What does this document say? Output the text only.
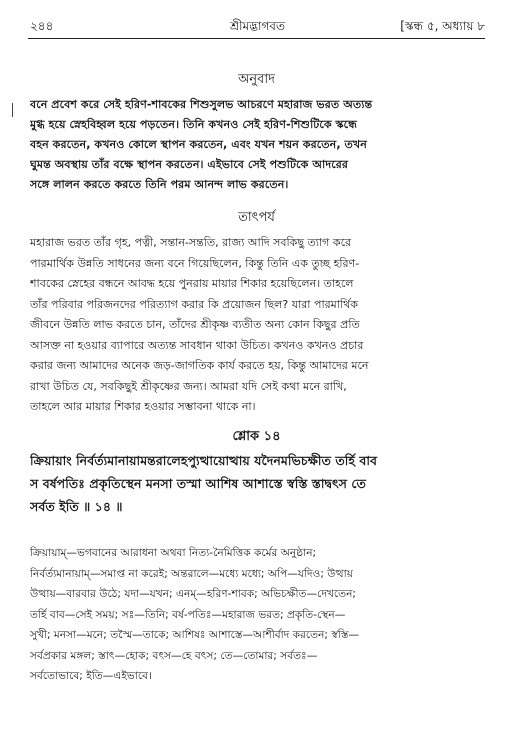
২৪৪	শ্রীমদ্ভাগবত	[স্কন্ধ ৫, অধ্যায় ৮
অনুবাদ
বনে প্রবেশ করে সেই হরিণ-শাবকের শিশুসুলভ আচরণে মহারাজ ভরত অত্যন্ত
মুগ্ধ হয়ে স্নেহবিহ্বল হয়ে পড়তেন। তিনি কখনও সেই হরিণ-শিশুটিকে স্কন্ধে
বহন করতেন, কখনও কোলে স্থাপন করতেন, এবং যখন শয়ন করতেন, তখন
ঘুমন্ত অবস্থায় তাঁর বক্ষে স্থাপন করতেন। এইভাবে সেই পশুটিকে আদরের
সঙ্গে লালন করতে করতে তিনি পরম আনন্দ লাভ করতেন।
তাৎপর্য
মহারাজ ভরত তাঁর গৃহ, পত্নী, সন্তান-সন্ততি, রাজ্য আদি সবকিছু ত্যাগ করে
পারমার্থিক উন্নতি সাধনের জন্য বনে গিয়েছিলেন, কিন্তু তিনি এক তুচ্ছ হরিণ-
শাবকের স্নেহের বন্ধনে আবদ্ধ হয়ে পুনরায় মায়ার শিকার হয়েছিলেন। তাহলে
তাঁর পরিবার পরিজনদের পরিত্যাগ করার কি প্রয়োজন ছিল? যারা পারমার্থিক
জীবনে উন্নতি লাভ করতে চান, তাঁদের শ্রীকৃষ্ণ ব্যতীত অন্য কোন কিছুর প্রতি
আসক্ত না হওয়ার ব্যাপারে অত্যন্ত সাবধান থাকা উচিত। কখনও কখনও প্রচার
করার জন্য আমাদের অনেক জড়-জাগতিক কার্য করতে হয়, কিন্তু আমাদের মনে
রাখা উচিত যে, সবকিছুই শ্রীকৃষ্ণের জন্য। আমরা যদি সেই কথা মনে রাখি,
তাহলে আর মায়ার শিকার হওয়ার সম্ভাবনা থাকে না।
শ্লোক ১৪
ক্রিয়ায়াং নির্বর্ত্যমানায়ামন্তরালেহপ্যুত্থায়োত্থায় যদৈনমভিচক্ষীত তর্হি বাব
স বর্ষপতিঃ প্রকৃতিস্থেন মনসা তস্মা আশিষ আশাস্তে স্বস্তি স্তাদ্বৎস তে
সর্বত ইতি ॥ ১৪ ॥
ক্রিয়ায়াম্—ভগবানের আরাধনা অথবা নিত্য-নৈমিত্তিক কর্মের অনুষ্ঠান;
নির্বর্ত্যমানায়াম্—সমাপ্ত না করেই; অন্তরালে—মধ্যে মধ্যে; অপি—যদিও; উত্থায়
উত্থায়—বারবার উঠে; যদা—যখন; এনম্—হরিণ-শাবক; অভিচক্ষীত—দেখতেন;
তর্হি বাব—সেই সময়; সঃ—তিনি; বর্ষ-পতিঃ—মহারাজ ভরত; প্রকৃতি-স্থেন—
সুখী; মনসা—মনে; তস্মৈ—তাকে; আশিষঃ আশাস্তে—আশীর্বাদ করতেন; স্বস্তি—
সর্বপ্রকার মঙ্গল; স্তাৎ—হোক; বৎস—হে বৎস; তে—তোমার; সর্বতঃ—
সর্বতোভাবে; ইতি—এইভাবে।
